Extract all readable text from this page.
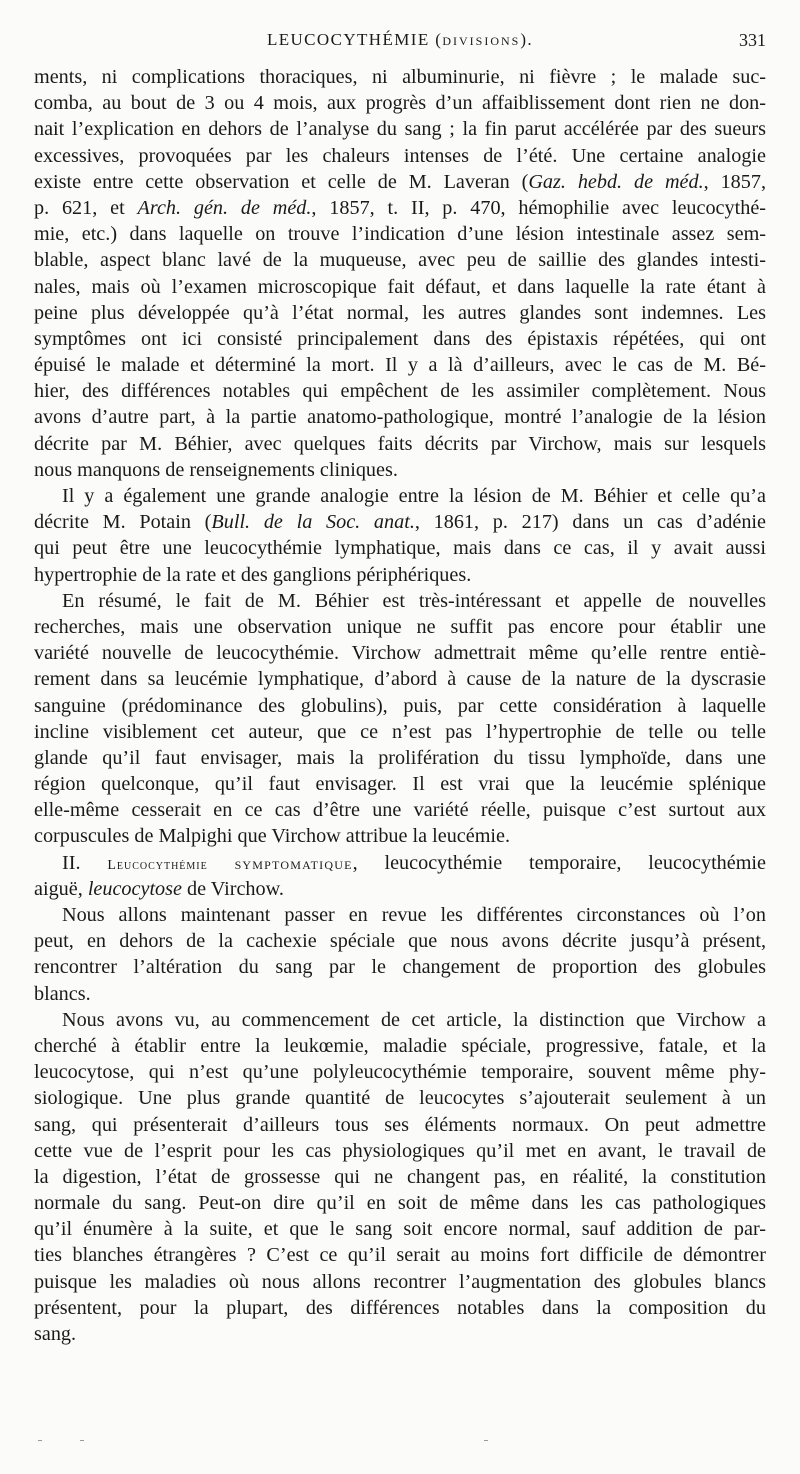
LEUCOCYTHÉMIE (DIVISIONS).	331
ments, ni complications thoraciques, ni albuminurie, ni fièvre ; le malade suc-
comba, au bout de 3 ou 4 mois, aux progrès d’un affaiblissement dont rien ne don-
nait l’explication en dehors de l’analyse du sang ; la fin parut accélérée par des sueurs
excessives, provoquées par les chaleurs intenses de l’été. Une certaine analogie
existe entre cette observation et celle de M. Laveran (Gaz. hebd. de méd., 1857,
p. 621, et Arch. gén. de méd., 1857, t. II, p. 470, hémophilie avec leucocythé-
mie, etc.) dans laquelle on trouve l’indication d’une lésion intestinale assez sem-
blable, aspect blanc lavé de la muqueuse, avec peu de saillie des glandes intesti-
nales, mais où l’examen microscopique fait défaut, et dans laquelle la rate étant à
peine plus développée qu’à l’état normal, les autres glandes sont indemnes. Les
symptômes ont ici consisté principalement dans des épistaxis répétées, qui ont
épuisé le malade et déterminé la mort. Il y a là d’ailleurs, avec le cas de M. Bé-
hier, des différences notables qui empêchent de les assimiler complètement. Nous
avons d’autre part, à la partie anatomo-pathologique, montré l’analogie de la lésion
décrite par M. Béhier, avec quelques faits décrits par Virchow, mais sur lesquels
nous manquons de renseignements cliniques.
Il y a également une grande analogie entre la lésion de M. Béhier et celle qu’a
décrite M. Potain (Bull. de la Soc. anat., 1861, p. 217) dans un cas d’adénie
qui peut être une leucocythémie lymphatique, mais dans ce cas, il y avait aussi
hypertrophie de la rate et des ganglions périphériques.
En résumé, le fait de M. Béhier est très-intéressant et appelle de nouvelles
recherches, mais une observation unique ne suffit pas encore pour établir une
variété nouvelle de leucocythémie. Virchow admettrait même qu’elle rentre entiè-
rement dans sa leucémie lymphatique, d’abord à cause de la nature de la dyscrasie
sanguine (prédominance des globulins), puis, par cette considération à laquelle
incline visiblement cet auteur, que ce n’est pas l’hypertrophie de telle ou telle
glande qu’il faut envisager, mais la prolifération du tissu lymphoïde, dans une
région quelconque, qu’il faut envisager. Il est vrai que la leucémie splénique
elle-même cesserait en ce cas d’être une variété réelle, puisque c’est surtout aux
corpuscules de Malpighi que Virchow attribue la leucémie.
II. Leucocythémie SYMPTOMATIQUE, leucocythémie temporaire, leucocythémie
aiguë, leucocytose de Virchow.
Nous allons maintenant passer en revue les différentes circonstances où l’on
peut, en dehors de la cachexie spéciale que nous avons décrite jusqu’à présent,
rencontrer l’altération du sang par le changement de proportion des globules
blancs.
Nous avons vu, au commencement de cet article, la distinction que Virchow a
cherché à établir entre la leukœmie, maladie spéciale, progressive, fatale, et la
leucocytose, qui n’est qu’une polyleucocythémie temporaire, souvent même phy-
siologique. Une plus grande quantité de leucocytes s’ajouterait seulement à un
sang, qui présenterait d’ailleurs tous ses éléments normaux. On peut admettre
cette vue de l’esprit pour les cas physiologiques qu’il met en avant, le travail de
la digestion, l’état de grossesse qui ne changent pas, en réalité, la constitution
normale du sang. Peut-on dire qu’il en soit de même dans les cas pathologiques
qu’il énumère à la suite, et que le sang soit encore normal, sauf addition de par-
ties blanches étrangères ? C’est ce qu’il serait au moins fort difficile de démontrer
puisque les maladies où nous allons recontrer l’augmentation des globules blancs
présentent, pour la plupart, des différences notables dans la composition du
sang.
